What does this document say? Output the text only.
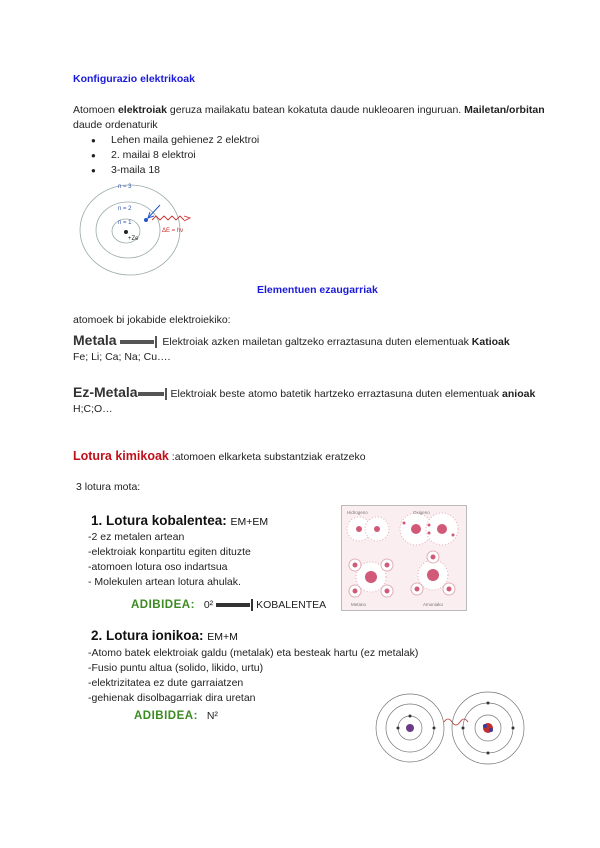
Konfigurazio elektrikoak
Atomoen elektroiak geruza mailakatu batean kokatuta daude nukleoaren inguruan. Mailetan/orbitan
daude ordenaturik
● Lehen maila gehienez 2 elektroi
● 2. mailai 8 elektroi
● 3-maila 18
n = 3
n = 2
n = 1
+Ze
ΔE = hν
Elementuen ezaugarriak
atomoek bi jokabide elektroiekiko:
Metala	Elektroiak azken mailetan galtzeko erraztasuna duten elementuak Katioak
Fe; Li; Ca; Na; Cu….
Ez-Metala	Elektroiak beste atomo batetik hartzeko erraztasuna duten elementuak anioak
H;C;O…
Lotura kimikoak :atomoen elkarketa substantziak eratzeko
3 lotura mota:
1. Lotura kobalentea: EM+EM
-2 ez metalen artean
-elektroiak konpartitu egiten dituzte
-atomoen lotura oso indartsua
- Molekulen artean lotura ahulak.
ADIBIDEA: 0²	KOBALENTEA
Hidrogeno	Oxigeno
Metano	Amoniako
2. Lotura ionikoa: EM+M
-Atomo batek elektroiak galdu (metalak) eta besteak hartu (ez metalak)
-Fusio puntu altua (solido, likido, urtu)
-elektrizitatea ez dute garraiatzen
-gehienak disolbagarriak dira uretan
ADIBIDEA: N²
